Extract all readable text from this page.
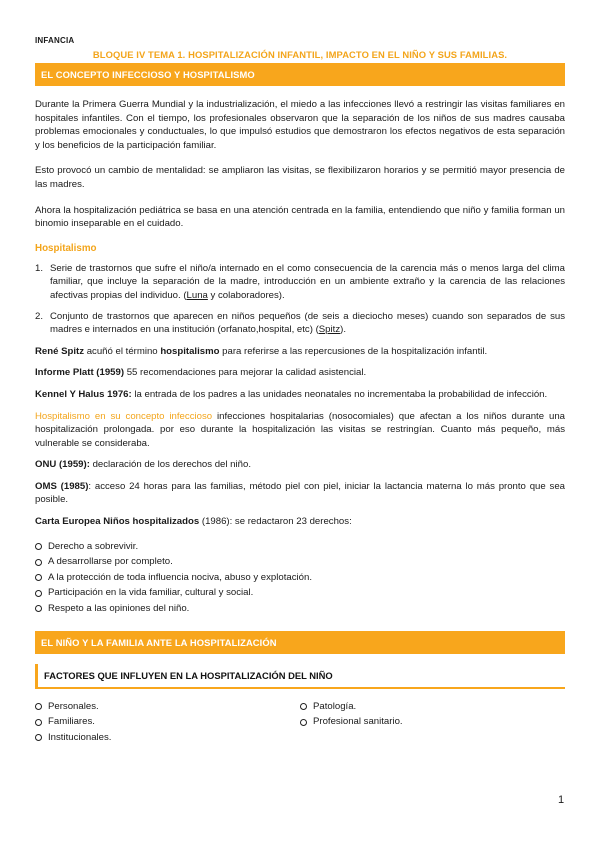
INFANCIA
BLOQUE IV TEMA 1. HOSPITALIZACIÓN INFANTIL, IMPACTO EN EL NIÑO Y SUS FAMILIAS.
EL CONCEPTO INFECCIOSO Y HOSPITALISMO

Durante la Primera Guerra Mundial y la industrialización, el miedo a las infecciones llevó a restringir las visitas familiares en hospitales infantiles. Con el tiempo, los profesionales observaron que la separación de los niños de sus madres causaba problemas emocionales y conductuales, lo que impulsó estudios que demostraron los efectos negativos de esta separación y los beneficios de la participación familiar.

Esto provocó un cambio de mentalidad: se ampliaron las visitas, se flexibilizaron horarios y se permitió mayor presencia de las madres.

Ahora la hospitalización pediátrica se basa en una atención centrada en la familia, entendiendo que niño y familia forman un binomio inseparable en el cuidado.

Hospitalismo
1. Serie de trastornos que sufre el niño/a internado en el como consecuencia de la carencia más o menos larga del clima familiar, que incluye la separación de la madre, introducción en un ambiente extraño y la carencia de las relaciones afectivas propias del individuo. (Luna y colaboradores).
2. Conjunto de trastornos que aparecen en niños pequeños (de seis a dieciocho meses) cuando son separados de sus madres e internados en una institución (orfanato,hospital, etc) (Spitz).

René Spitz acuñó el término hospitalismo para referirse a las repercusiones de la hospitalización infantil.

Informe Platt (1959) 55 recomendaciones para mejorar la calidad asistencial.

Kennel Y Halus 1976: la entrada de los padres a las unidades neonatales no incrementaba la probabilidad de infección.

Hospitalismo en su concepto infeccioso infecciones hospitalarias (nosocomiales) que afectan a los niños durante una hospitalización prolongada. por eso durante la hospitalización las visitas se restringían. Cuanto más pequeño, más vulnerable se consideraba.

ONU (1959): declaración de los derechos del niño.

OMS (1985): acceso 24 horas para las familias, método piel con piel, iniciar la lactancia materna lo más pronto que sea posible.

Carta Europea Niños hospitalizados (1986): se redactaron 23 derechos:

Derecho a sobrevivir.
A desarrollarse por completo.
A la protección de toda influencia nociva, abuso y explotación.
Participación en la vida familiar, cultural y social.
Respeto a las opiniones del niño.
EL NIÑO Y LA FAMILIA ANTE LA HOSPITALIZACIÓN
FACTORES QUE INFLUYEN EN LA HOSPITALIZACIÓN DEL NIÑO
Personales.
Familiares.
Institucionales.
Patología.
Profesional sanitario.
1
